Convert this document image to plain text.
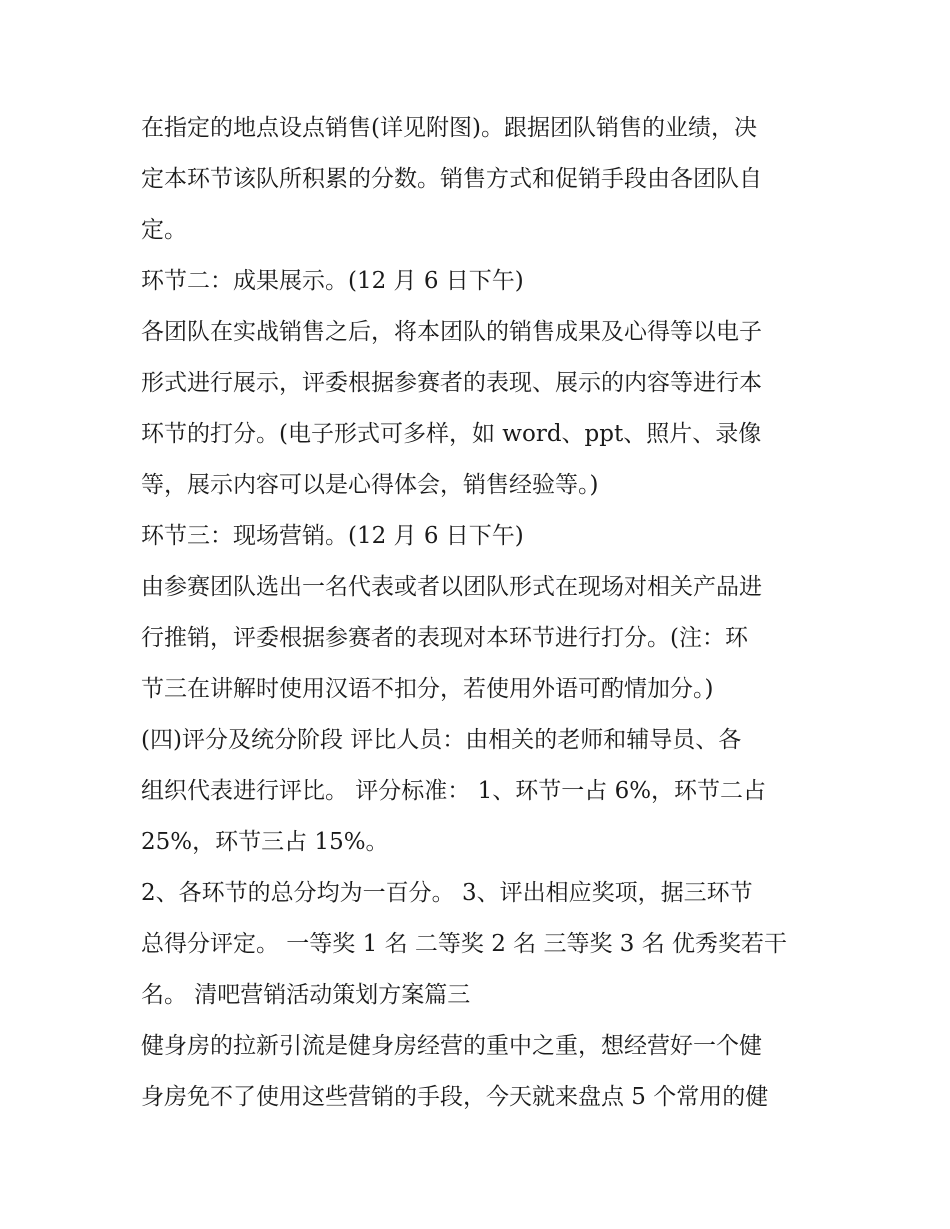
在指定的地点设点销售(详见附图)。跟据团队销售的业绩，决
定本环节该队所积累的分数。销售方式和促销手段由各团队自
定。
环节二：成果展示。(12 月 6 日下午)
各团队在实战销售之后，将本团队的销售成果及心得等以电子
形式进行展示，评委根据参赛者的表现、展示的内容等进行本
环节的打分。(电子形式可多样，如 word、ppt、照片、录像
等，展示内容可以是心得体会，销售经验等。)
环节三：现场营销。(12 月 6 日下午)
由参赛团队选出一名代表或者以团队形式在现场对相关产品进
行推销，评委根据参赛者的表现对本环节进行打分。(注：环
节三在讲解时使用汉语不扣分，若使用外语可酌情加分。)
(四)评分及统分阶段 评比人员：由相关的老师和辅导员、各
组织代表进行评比。 评分标准： 1、环节一占 6%，环节二占
25%，环节三占 15%。
2、各环节的总分均为一百分。 3、评出相应奖项，据三环节
总得分评定。 一等奖 1 名 二等奖 2 名 三等奖 3 名 优秀奖若干
名。 清吧营销活动策划方案篇三
健身房的拉新引流是健身房经营的重中之重，想经营好一个健
身房免不了使用这些营销的手段，今天就来盘点 5 个常用的健
